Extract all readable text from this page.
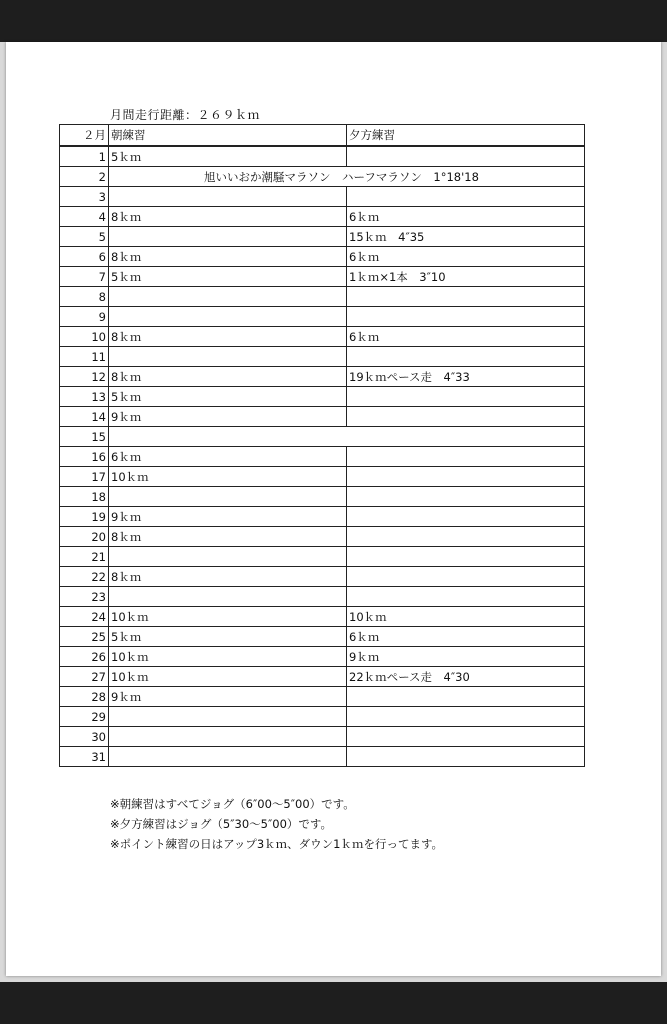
月間走行距離：２６９ｋｍ
２月	朝練習	夕方練習
1	5ｋｍ	
2	旭いいおか潮騒マラソン　ハーフマラソン　1°18'18	
3		
4	8ｋｍ	6ｋｍ
5		15ｋｍ　4″35
6	8ｋｍ	6ｋｍ
7	5ｋｍ	1ｋｍ×1本　3″10
8		
9		
10	8ｋｍ	6ｋｍ
11		
12	8ｋｍ	19ｋｍペース走　4″33
13	5ｋｍ	
14	9ｋｍ	
15		
16	6ｋｍ	
17	10ｋｍ	
18		
19	9ｋｍ	
20	8ｋｍ	
21		
22	8ｋｍ	
23		
24	10ｋｍ	10ｋｍ
25	5ｋｍ	6ｋｍ
26	10ｋｍ	9ｋｍ
27	10ｋｍ	22ｋｍペース走　4″30
28	9ｋｍ	
29		
30		
31		
※朝練習はすべてジョグ（6″00〜5″00）です。
※夕方練習はジョグ（5″30〜5″00）です。
※ポイント練習の日はアップ3ｋｍ、ダウン1ｋｍを行ってます。
